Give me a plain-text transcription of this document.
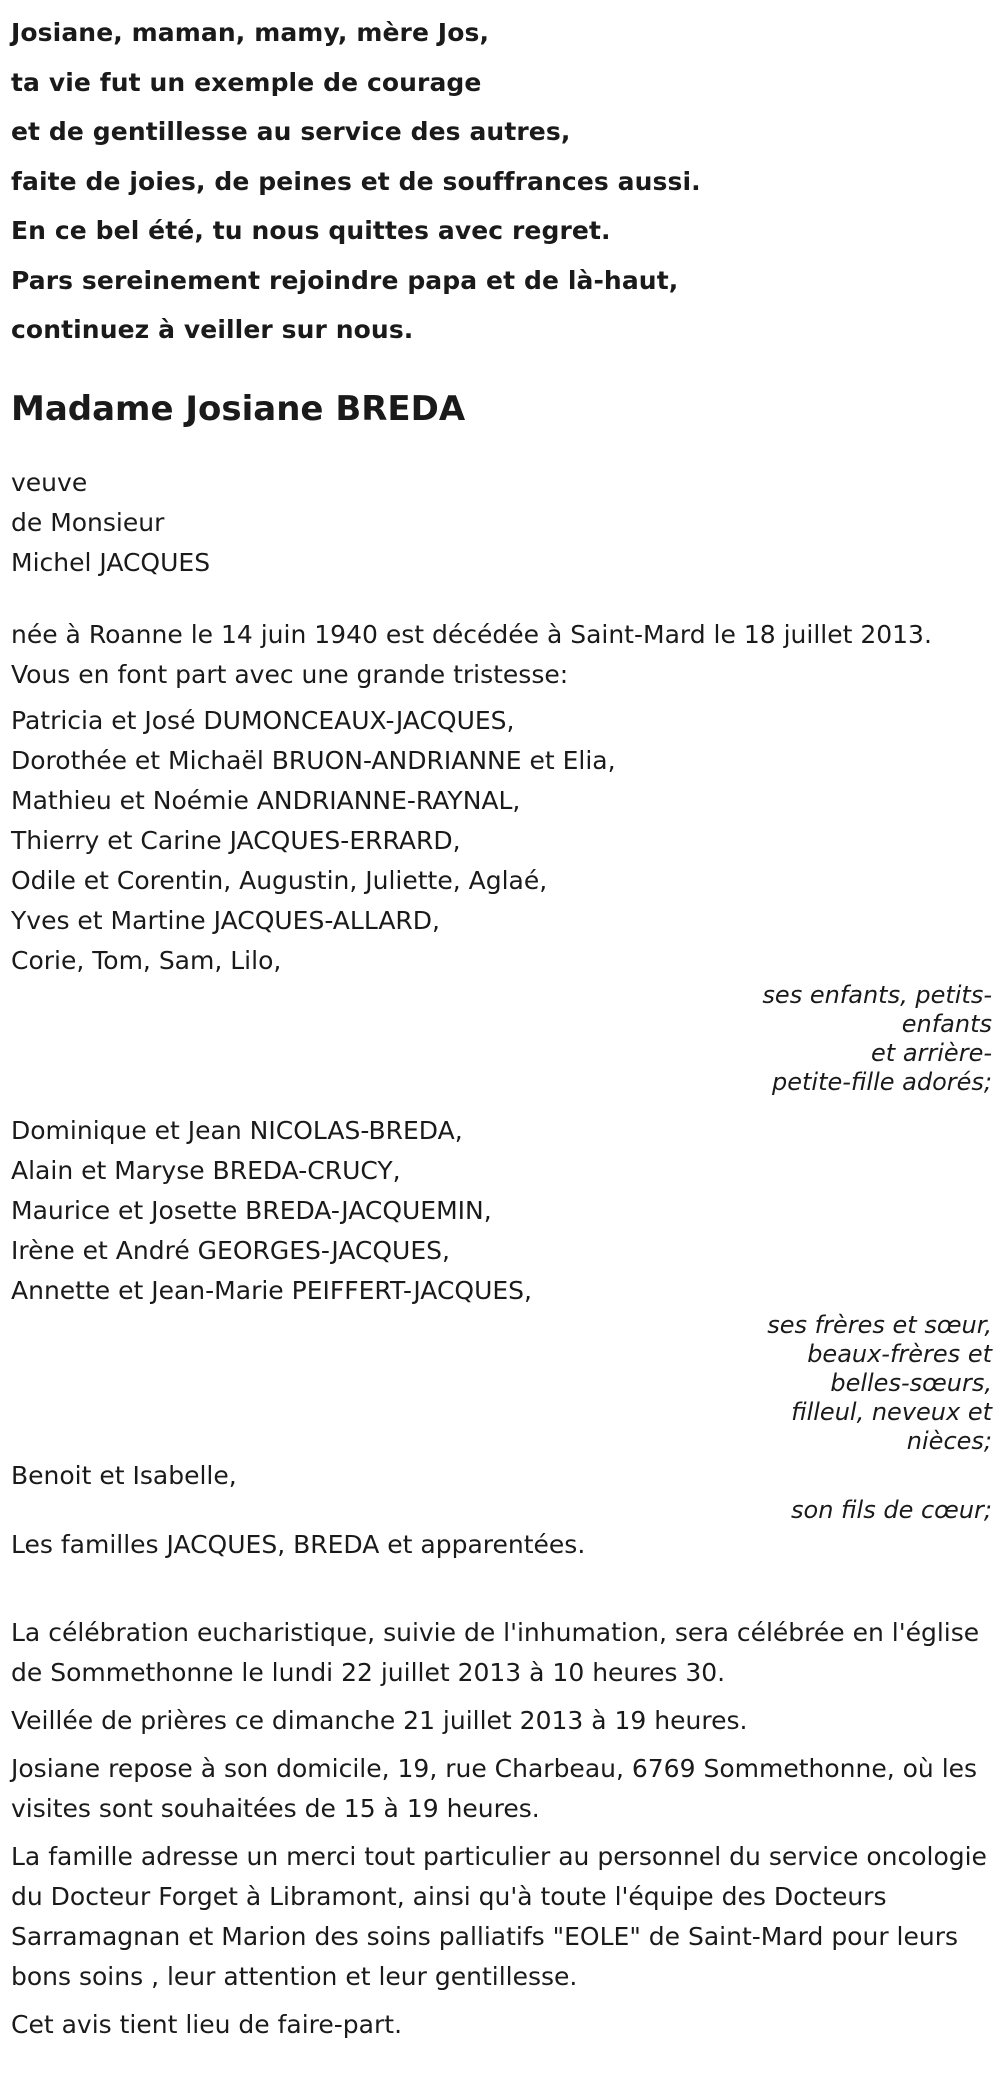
Josiane, maman, mamy, mère Jos,

ta vie fut un exemple de courage

et de gentillesse au service des autres,

faite de joies, de peines et de souffrances aussi.

En ce bel été, tu nous quittes avec regret.

Pars sereinement rejoindre papa et de là-haut,

continuez à veiller sur nous.

Madame Josiane BREDA

veuve

de Monsieur

Michel JACQUES

née à Roanne le 14 juin 1940 est décédée à Saint-Mard le 18 juillet 2013.

Vous en font part avec une grande tristesse:

Patricia et José DUMONCEAUX-JACQUES,

Dorothée et Michaël BRUON-ANDRIANNE et Elia,

Mathieu et Noémie ANDRIANNE-RAYNAL,

Thierry et Carine JACQUES-ERRARD,

Odile et Corentin, Augustin, Juliette, Aglaé,

Yves et Martine JACQUES-ALLARD,

Corie, Tom, Sam, Lilo,

ses enfants, petits-

enfants

et arrière-

petite-fille adorés;

Dominique et Jean NICOLAS-BREDA,

Alain et Maryse BREDA-CRUCY,

Maurice et Josette BREDA-JACQUEMIN,

Irène et André GEORGES-JACQUES,

Annette et Jean-Marie PEIFFERT-JACQUES,

ses frères et sœur,

beaux-frères et

belles-sœurs,

filleul, neveux et

nièces;

Benoit et Isabelle,

son fils de cœur;

Les familles JACQUES, BREDA et apparentées.

La célébration eucharistique, suivie de l'inhumation, sera célébrée en l'église de Sommethonne le lundi 22 juillet 2013 à 10 heures 30.

Veillée de prières ce dimanche 21 juillet 2013 à 19 heures.

Josiane repose à son domicile, 19, rue Charbeau, 6769 Sommethonne, où les visites sont souhaitées de 15 à 19 heures.

La famille adresse un merci tout particulier au personnel du service oncologie du Docteur Forget à Libramont, ainsi qu'à toute l'équipe des Docteurs Sarramagnan et Marion des soins palliatifs "EOLE" de Saint-Mard pour leurs bons soins , leur attention et leur gentillesse.

Cet avis tient lieu de faire-part.
